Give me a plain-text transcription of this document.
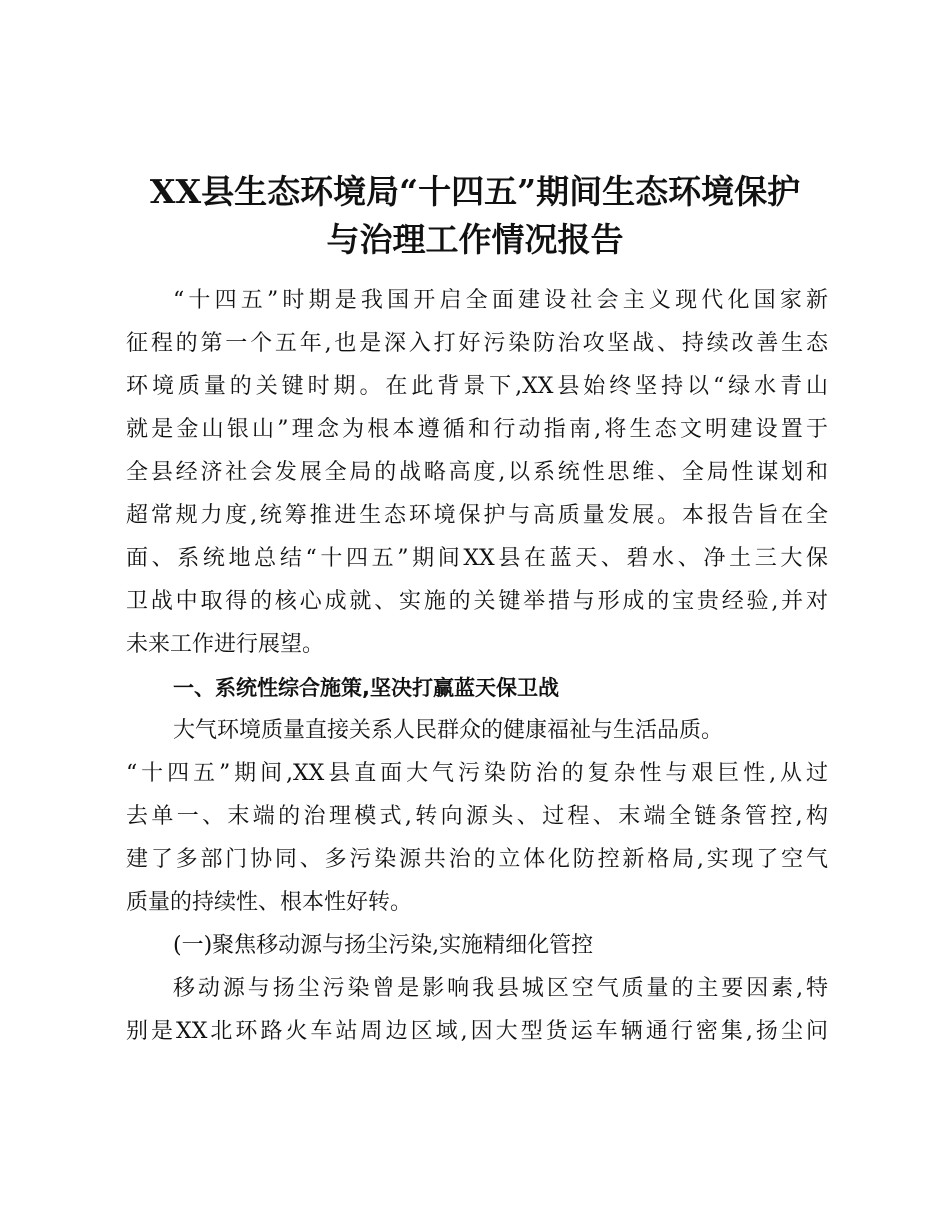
XX县生态环境局“十四五”期间生态环境保护
与治理工作情况报告
“十四五”时期是我国开启全面建设社会主义现代化国家新
征程的第一个五年,也是深入打好污染防治攻坚战、持续改善生态
环境质量的关键时期。在此背景下,XX县始终坚持以“绿水青山
就是金山银山”理念为根本遵循和行动指南,将生态文明建设置于
全县经济社会发展全局的战略高度,以系统性思维、全局性谋划和
超常规力度,统筹推进生态环境保护与高质量发展。本报告旨在全
面、系统地总结“十四五”期间XX县在蓝天、碧水、净土三大保
卫战中取得的核心成就、实施的关键举措与形成的宝贵经验,并对
未来工作进行展望。
一、系统性综合施策,坚决打赢蓝天保卫战
大气环境质量直接关系人民群众的健康福祉与生活品质。
“十四五”期间,XX县直面大气污染防治的复杂性与艰巨性,从过
去单一、末端的治理模式,转向源头、过程、末端全链条管控,构
建了多部门协同、多污染源共治的立体化防控新格局,实现了空气
质量的持续性、根本性好转。
(一)聚焦移动源与扬尘污染,实施精细化管控
移动源与扬尘污染曾是影响我县城区空气质量的主要因素,特
别是XX北环路火车站周边区域,因大型货运车辆通行密集,扬尘问
